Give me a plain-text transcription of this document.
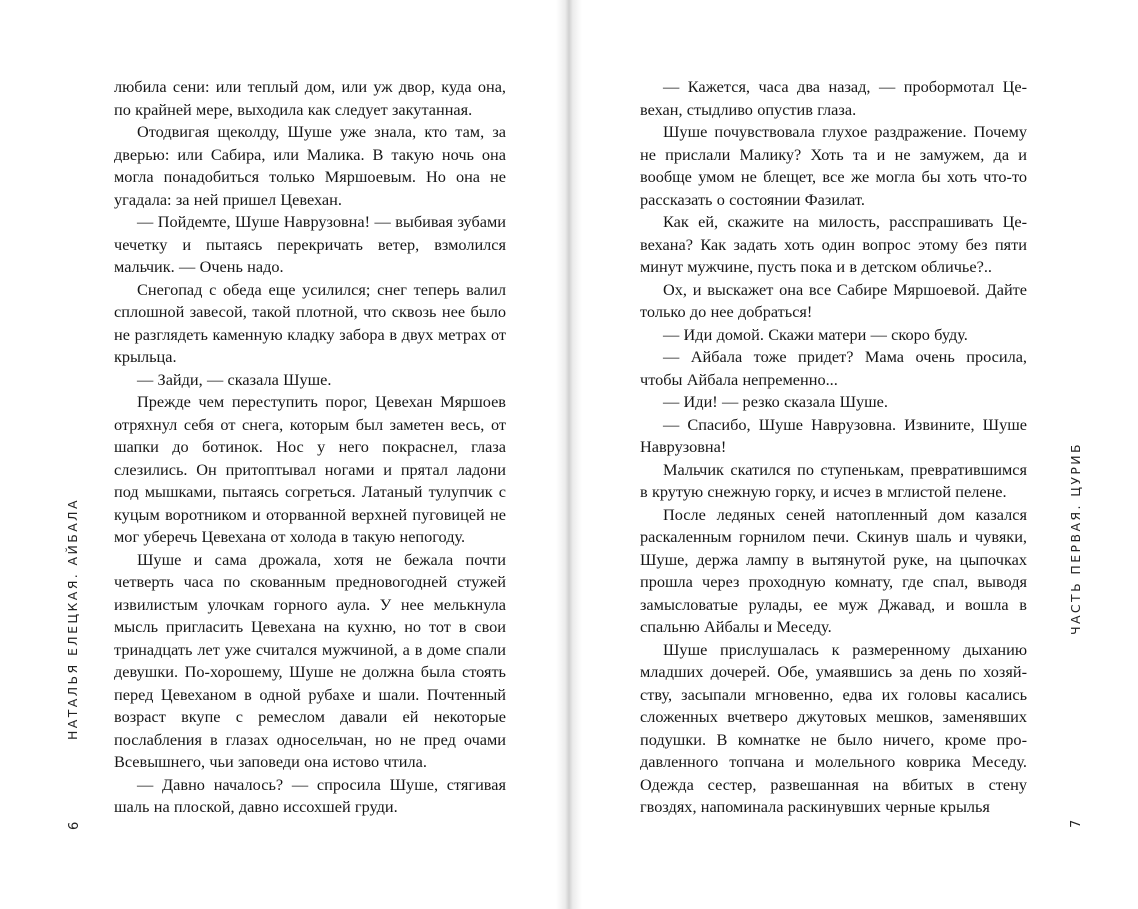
НАТАЛЬЯ ЕЛЕЦКАЯ. АЙБАЛА
6

любила сени: или теплый дом, или уж двор, куда она, по крайней мере, выходила как следует закутанная.

Отодвигая щеколду, Шуше уже знала, кто там, за дверью: или Сабира, или Малика. В такую ночь она могла понадобиться только Мяршоевым. Но она не угадала: за ней пришел Цевехан.

— Пойдемте, Шуше Наврузовна! — выбивая зубами чечетку и пытаясь перекричать ветер, взмолился мальчик. — Очень надо.

Снегопад с обеда еще усилился; снег теперь валил сплошной завесой, такой плотной, что сквозь нее было не разглядеть каменную кладку забора в двух метрах от крыльца.

— Зайди, — сказала Шуше.

Прежде чем переступить порог, Цевехан Мяршоев отряхнул себя от снега, которым был заметен весь, от шапки до ботинок. Нос у него покраснел, глаза слезились. Он притоптывал ногами и прятал ладони под мышками, пытаясь согреться. Латаный тулупчик с куцым воротником и оторванной верхней пуговицей не мог уберечь Цевехана от холода в такую непогоду.

Шуше и сама дрожала, хотя не бежала почти четверть часа по скованным предновогодней стужей извилистым улочкам горного аула. У нее мелькнула мысль пригласить Цевехана на кухню, но тот в свои тринадцать лет уже считался мужчиной, а в доме спали девушки. По-хорошему, Шуше не должна была стоять перед Цевеханом в одной рубахе и шали. Почтенный возраст вкупе с ремеслом давали ей некоторые послабления в глазах односельчан, но не пред очами Всевышнего, чьи заповеди она истово чтила.

— Давно началось? — спросила Шуше, стягивая шаль на плоской, давно иссохшей груди.

— Кажется, часа два назад, — пробормотал Цевехан, стыдливо опустив глаза.

Шуше почувствовала глухое раздражение. Почему не прислали Малику? Хоть та и не замужем, да и вообще умом не блещет, все же могла бы хоть что-то рассказать о состоянии Фазилат.

Как ей, скажите на милость, расспрашивать Цевехана? Как задать хоть один вопрос этому без пяти минут мужчине, пусть пока и в детском обличье?..

Ох, и выскажет она все Сабире Мяршоевой. Дайте только до нее добраться!

— Иди домой. Скажи матери — скоро буду.

— Айбала тоже придет? Мама очень просила, чтобы Айбала непременно...

— Иди! — резко сказала Шуше.

— Спасибо, Шуше Наврузовна. Извините, Шуше Наврузовна!

Мальчик скатился по ступенькам, превратившимся в крутую снежную горку, и исчез в мглистой пелене.

После ледяных сеней натопленный дом казался раскаленным горнилом печи. Скинув шаль и чувяки, Шуше, держа лампу в вытянутой руке, на цыпочках прошла через проходную комнату, где спал, выводя замысловатые рулады, ее муж Джавад, и вошла в спальню Айбалы и Меседу.

Шуше прислушалась к размеренному дыханию младших дочерей. Обе, умаявшись за день по хозяйству, засыпали мгновенно, едва их головы касались сложенных вчетверо джутовых мешков, заменявших подушки. В комнатке не было ничего, кроме продавленного топчана и молельного коврика Меседу. Одежда сестер, развешанная на вбитых в стену гвоздях, напоминала раскинувших черные крылья

ЧАСТЬ ПЕРВАЯ. ЦУРИБ
7
